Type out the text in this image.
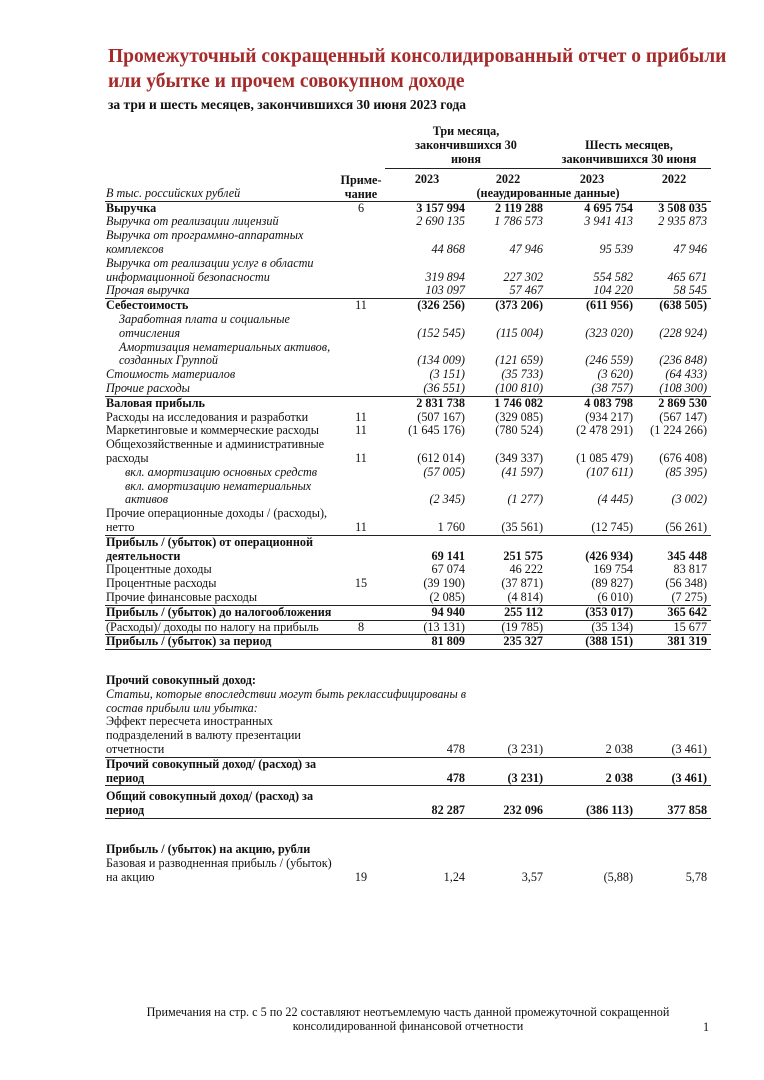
Промежуточный сокращенный консолидированный отчет о прибыли или убытке и прочем совокупном доходе
за три и шесть месяцев, закончившихся 30 июня 2023 года
		Три месяца, закончившихся 30 июня		Шесть месяцев, закончившихся 30 июня	
В тыс. российских рублей	Приме-чание	2023	2022	2023	2022
		(неаудированные данные)			
Выручка	6	3 157 994	2 119 288	4 695 754	3 508 035
Выручка от реализации лицензий		2 690 135	1 786 573	3 941 413	2 935 873
Выручка от программно-аппаратных комплексов		44 868	47 946	95 539	47 946
Выручка от реализации услуг в области информационной безопасности		319 894	227 302	554 582	465 671
Прочая выручка		103 097	57 467	104 220	58 545
Себестоимость	11	(326 256)	(373 206)	(611 956)	(638 505)
Заработная плата и социальные отчисления		(152 545)	(115 004)	(323 020)	(228 924)
Амортизация нематериальных активов, созданных Группой		(134 009)	(121 659)	(246 559)	(236 848)
Стоимость материалов		(3 151)	(35 733)	(3 620)	(64 433)
Прочие расходы		(36 551)	(100 810)	(38 757)	(108 300)
Валовая прибыль		2 831 738	1 746 082	4 083 798	2 869 530
Расходы на исследования и разработки	11	(507 167)	(329 085)	(934 217)	(567 147)
Маркетинговые и коммерческие расходы	11	(1 645 176)	(780 524)	(2 478 291)	(1 224 266)
Общехозяйственные и административные расходы	11	(612 014)	(349 337)	(1 085 479)	(676 408)
вкл. амортизацию основных средств		(57 005)	(41 597)	(107 611)	(85 395)
вкл. амортизацию нематериальных активов		(2 345)	(1 277)	(4 445)	(3 002)
Прочие операционные доходы / (расходы), нетто	11	1 760	(35 561)	(12 745)	(56 261)
Прибыль / (убыток) от операционной деятельности		69 141	251 575	(426 934)	345 448
Процентные доходы		67 074	46 222	169 754	83 817
Процентные расходы	15	(39 190)	(37 871)	(89 827)	(56 348)
Прочие финансовые расходы		(2 085)	(4 814)	(6 010)	(7 275)
Прибыль / (убыток) до налогообложения		94 940	255 112	(353 017)	365 642
(Расходы)/ доходы по налогу на прибыль	8	(13 131)	(19 785)	(35 134)	15 677
Прибыль / (убыток) за период		81 809	235 327	(388 151)	381 319

Прочий совокупный доход:					
Статьи, которые впоследствии могут быть реклассифицированы в состав прибыли или убытка:					
Эффект пересчета иностранных подразделений в валюту презентации отчетности		478	(3 231)	2 038	(3 461)
Прочий совокупный доход/ (расход) за период		478	(3 231)	2 038	(3 461)

Общий совокупный доход/ (расход) за период		82 287	232 096	(386 113)	377 858

Прибыль / (убыток) на акцию, рубли					
Базовая и разводненная прибыль / (убыток) на акцию	19	1,24	3,57	(5,88)	5,78
Примечания на стр. с 5 по 22 составляют неотъемлемую часть данной промежуточной сокращенной консолидированной финансовой отчетности	1
